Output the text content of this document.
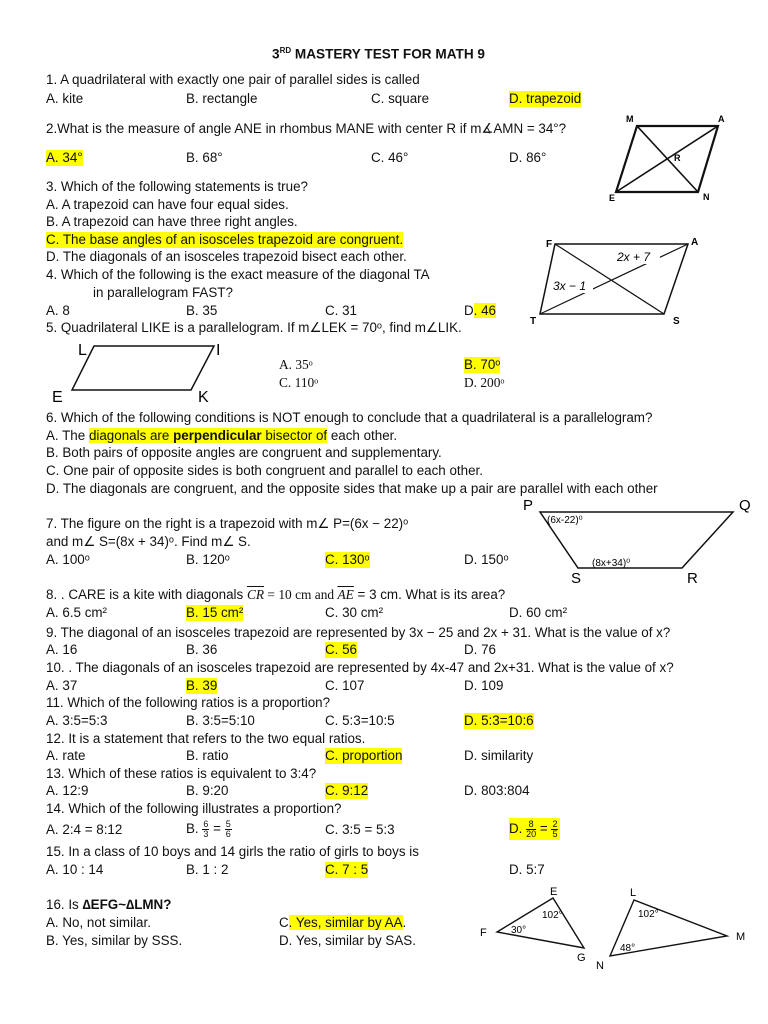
3RD MASTERY TEST FOR MATH 9
1. A quadrilateral with exactly one pair of parallel sides is called
A. kite	B. rectangle	C. square	D. trapezoid
2.What is the measure of angle ANE in rhombus MANE with center R if m∡AMN = 34°?
A. 34°	B. 68°	C. 46°	D. 86°
3. Which of the following statements is true?
A. A trapezoid can have four equal sides.
B. A trapezoid can have three right angles.
C. The base angles of an isosceles trapezoid are congruent.
D. The diagonals of an isosceles trapezoid bisect each other.
4. Which of the following is the exact measure of the diagonal TA
in parallelogram FAST?
A. 8	B. 35	C. 31	D. 46
5. Quadrilateral LIKE is a parallelogram. If m∠LEK = 70ᵒ, find m∠LIK.
A. 35ᵒ	B. 70ᵒ
C. 110ᵒ	D. 200ᵒ
6. Which of the following conditions is NOT enough to conclude that a quadrilateral is a parallelogram?
A. The diagonals are perpendicular bisector of each other.
B. Both pairs of opposite angles are congruent and supplementary.
C. One pair of opposite sides is both congruent and parallel to each other.
D. The diagonals are congruent, and the opposite sides that make up a pair are parallel with each other
7. The figure on the right is a trapezoid with m∠ P=(6x − 22)ᵒ
and m∠ S=(8x + 34)ᵒ. Find m∠ S.
A. 100ᵒ	B. 120ᵒ	C. 130ᵒ	D. 150ᵒ
8. . CARE is a kite with diagonals $\overline{CR} = 10$ cm and $\overline{AE} = 3$ cm. What is its area?
A. 6.5 cm²	B. 15 cm²	C. 30 cm²	D. 60 cm²
9. The diagonal of an isosceles trapezoid are represented by 3x − 25 and 2x + 31. What is the value of x?
A. 16	B. 36	C. 56	D. 76
10. . The diagonals of an isosceles trapezoid are represented by 4x-47 and 2x+31. What is the value of x?
A. 37	B. 39	C. 107	D. 109
11. Which of the following ratios is a proportion?
A. 3:5=5:3	B. 3:5=5:10	C. 5:3=10:5	D. 5:3=10:6
12. It is a statement that refers to the two equal ratios.
A. rate	B. ratio	C. proportion	D. similarity
13. Which of these ratios is equivalent to 3:4?
A. 12:9	B. 9:20	C. 9:12	D. 803:804
14. Which of the following illustrates a proportion?
A. 2:4 = 8:12	B. $\frac{6}{3} = \frac{5}{6}$	C. 3:5 = 5:3	D. $\frac{8}{20} = \frac{2}{5}$
15. In a class of 10 boys and 14 girls the ratio of girls to boys is
A. 10 : 14	B. 1 : 2	C. 7 : 5	D. 5:7
16. Is ∆EFG~∆LMN?
A. No, not similar.	C. Yes, similar by AA.
B. Yes, similar by SSS.	D. Yes, similar by SAS.
M	A
E	N
R
F	A
T	S
2x + 7
3x − 1
L	I
E	K
P	Q
S	R
(6x-22)⁰
(8x+34)⁰
E
F
G
102°
30°
L
M
N
102°
48°
